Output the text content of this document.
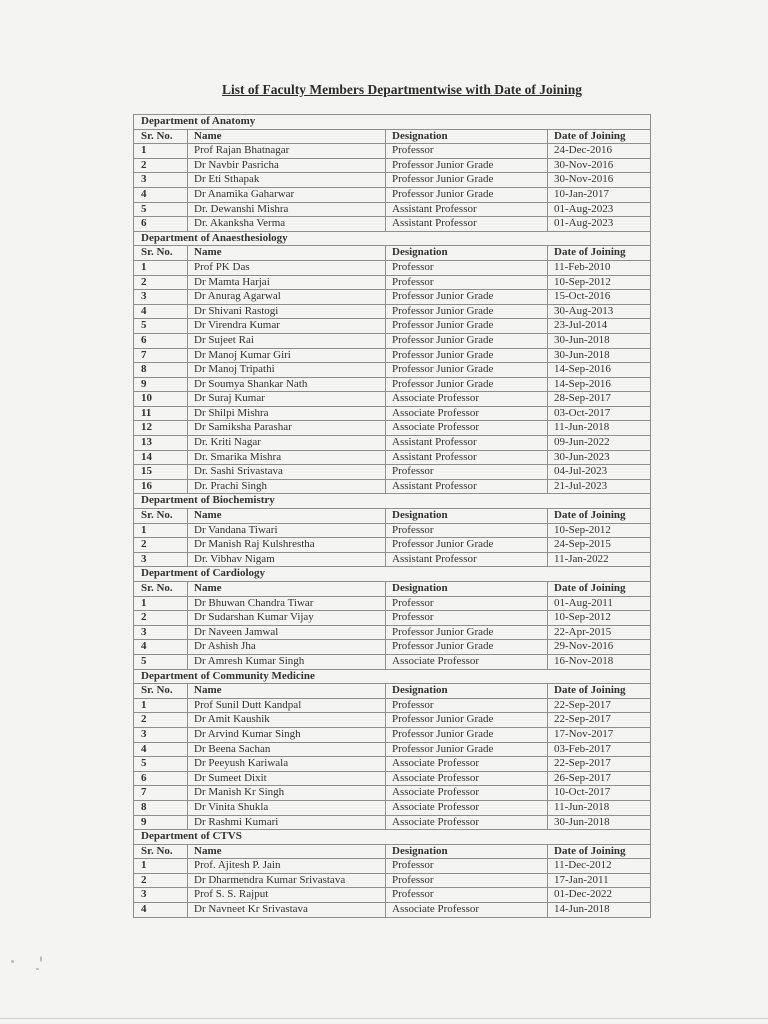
List of Faculty Members Departmentwise with Date of Joining
Department of Anatomy
Sr. No.	Name	Designation	Date of Joining
1	Prof Rajan Bhatnagar	Professor	24-Dec-2016
2	Dr Navbir Pasricha	Professor Junior Grade	30-Nov-2016
3	Dr Eti Sthapak	Professor Junior Grade	30-Nov-2016
4	Dr Anamika Gaharwar	Professor Junior Grade	10-Jan-2017
5	Dr. Dewanshi Mishra	Assistant Professor	01-Aug-2023
6	Dr. Akanksha Verma	Assistant Professor	01-Aug-2023
Department of Anaesthesiology
Sr. No.	Name	Designation	Date of Joining
1	Prof PK Das	Professor	11-Feb-2010
2	Dr Mamta Harjai	Professor	10-Sep-2012
3	Dr Anurag Agarwal	Professor Junior Grade	15-Oct-2016
4	Dr Shivani Rastogi	Professor Junior Grade	30-Aug-2013
5	Dr Virendra Kumar	Professor Junior Grade	23-Jul-2014
6	Dr Sujeet Rai	Professor Junior Grade	30-Jun-2018
7	Dr Manoj Kumar Giri	Professor Junior Grade	30-Jun-2018
8	Dr Manoj Tripathi	Professor Junior Grade	14-Sep-2016
9	Dr Soumya Shankar Nath	Professor Junior Grade	14-Sep-2016
10	Dr Suraj Kumar	Associate Professor	28-Sep-2017
11	Dr Shilpi Mishra	Associate Professor	03-Oct-2017
12	Dr Samiksha Parashar	Associate Professor	11-Jun-2018
13	Dr. Kriti Nagar	Assistant Professor	09-Jun-2022
14	Dr. Smarika Mishra	Assistant Professor	30-Jun-2023
15	Dr. Sashi Srivastava	Professor	04-Jul-2023
16	Dr. Prachi Singh	Assistant Professor	21-Jul-2023
Department of Biochemistry
Sr. No.	Name	Designation	Date of Joining
1	Dr Vandana Tiwari	Professor	10-Sep-2012
2	Dr Manish Raj Kulshrestha	Professor Junior Grade	24-Sep-2015
3	Dr. Vibhav Nigam	Assistant Professor	11-Jan-2022
Department of Cardiology
Sr. No.	Name	Designation	Date of Joining
1	Dr Bhuwan Chandra Tiwar	Professor	01-Aug-2011
2	Dr Sudarshan Kumar Vijay	Professor	10-Sep-2012
3	Dr Naveen Jamwal	Professor Junior Grade	22-Apr-2015
4	Dr Ashish Jha	Professor Junior Grade	29-Nov-2016
5	Dr Amresh Kumar Singh	Associate Professor	16-Nov-2018
Department of Community Medicine
Sr. No.	Name	Designation	Date of Joining
1	Prof Sunil Dutt Kandpal	Professor	22-Sep-2017
2	Dr Amit Kaushik	Professor Junior Grade	22-Sep-2017
3	Dr Arvind Kumar Singh	Professor Junior Grade	17-Nov-2017
4	Dr Beena Sachan	Professor Junior Grade	03-Feb-2017
5	Dr Peeyush Kariwala	Associate Professor	22-Sep-2017
6	Dr Sumeet Dixit	Associate Professor	26-Sep-2017
7	Dr Manish Kr Singh	Associate Professor	10-Oct-2017
8	Dr Vinita Shukla	Associate Professor	11-Jun-2018
9	Dr Rashmi Kumari	Associate Professor	30-Jun-2018
Department of CTVS
Sr. No.	Name	Designation	Date of Joining
1	Prof. Ajitesh P. Jain	Professor	11-Dec-2012
2	Dr Dharmendra Kumar Srivastava	Professor	17-Jan-2011
3	Prof S. S. Rajput	Professor	01-Dec-2022
4	Dr Navneet Kr Srivastava	Associate Professor	14-Jun-2018
